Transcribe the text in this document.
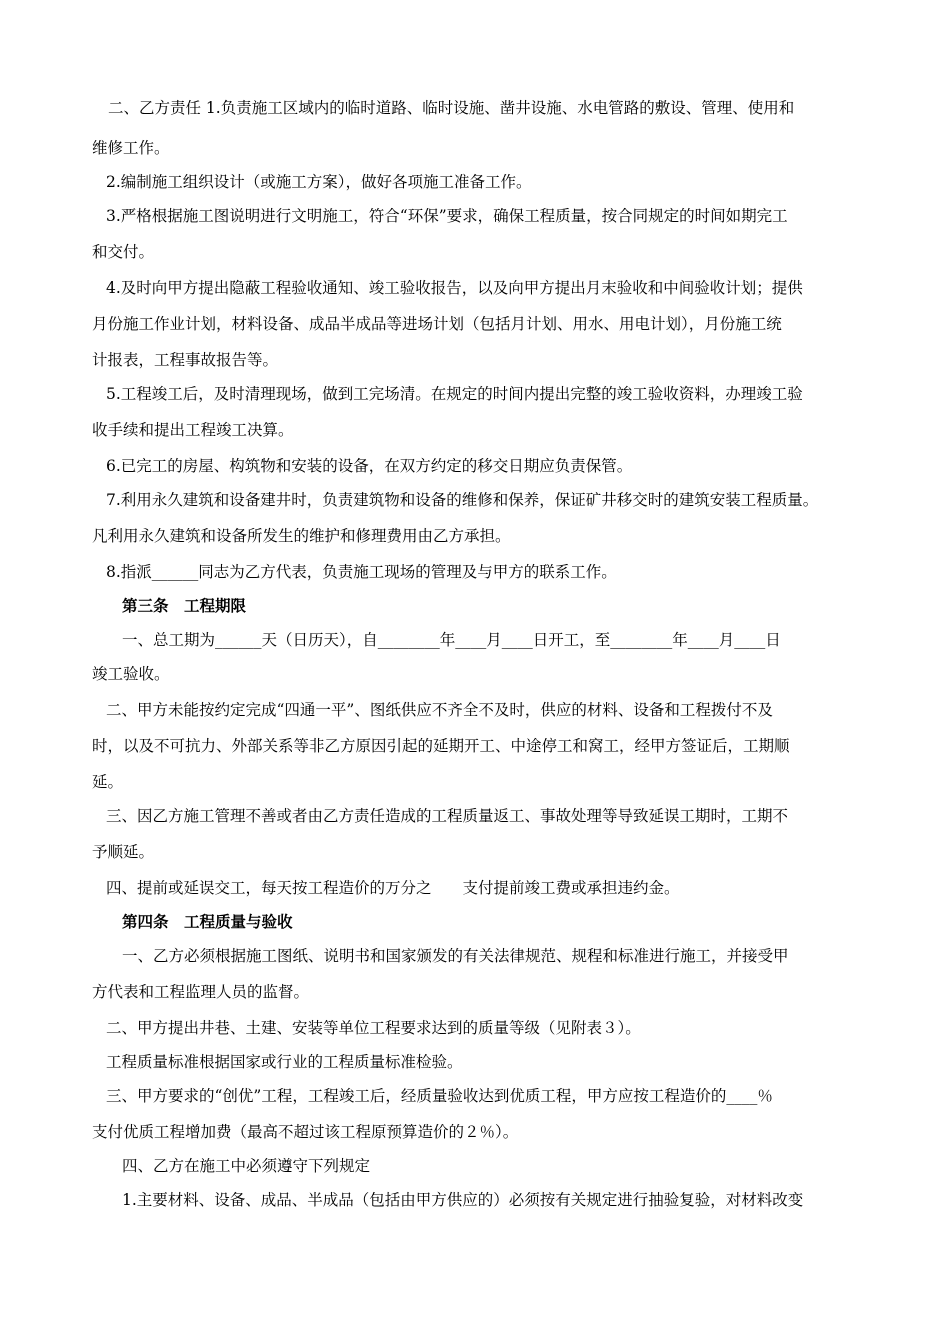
二、乙方责任 1.负责施工区域内的临时道路、临时设施、凿井设施、水电管路的敷设、管理、使用和
维修工作。
2.编制施工组织设计（或施工方案），做好各项施工准备工作。
3.严格根据施工图说明进行文明施工，符合“环保”要求，确保工程质量，按合同规定的时间如期完工
和交付。
4.及时向甲方提出隐蔽工程验收通知、竣工验收报告，以及向甲方提出月末验收和中间验收计划；提供
月份施工作业计划，材料设备、成品半成品等进场计划（包括月计划、用水、用电计划），月份施工统
计报表，工程事故报告等。
5.工程竣工后，及时清理现场，做到工完场清。在规定的时间内提出完整的竣工验收资料，办理竣工验
收手续和提出工程竣工决算。
6.已完工的房屋、构筑物和安装的设备，在双方约定的移交日期应负责保管。
7.利用永久建筑和设备建井时，负责建筑物和设备的维修和保养，保证矿井移交时的建筑安装工程质量。
凡利用永久建筑和设备所发生的维护和修理费用由乙方承担。
8.指派______同志为乙方代表，负责施工现场的管理及与甲方的联系工作。
第三条　工程期限
一、总工期为______天（日历天），自________年____月____日开工，至________年____月____日
竣工验收。
二、甲方未能按约定完成“四通一平”、图纸供应不齐全不及时，供应的材料、设备和工程拨付不及
时，以及不可抗力、外部关系等非乙方原因引起的延期开工、中途停工和窝工，经甲方签证后，工期顺
延。
三、因乙方施工管理不善或者由乙方责任造成的工程质量返工、事故处理等导致延误工期时，工期不
予顺延。
四、提前或延误交工，每天按工程造价的万分之　　支付提前竣工费或承担违约金。
第四条　工程质量与验收
一、乙方必须根据施工图纸、说明书和国家颁发的有关法律规范、规程和标准进行施工，并接受甲
方代表和工程监理人员的监督。
二、甲方提出井巷、土建、安装等单位工程要求达到的质量等级（见附表３）。
工程质量标准根据国家或行业的工程质量标准检验。
三、甲方要求的“创优”工程，工程竣工后，经质量验收达到优质工程，甲方应按工程造价的____％
支付优质工程增加费（最高不超过该工程原预算造价的２％）。
四、乙方在施工中必须遵守下列规定
1.主要材料、设备、成品、半成品（包括由甲方供应的）必须按有关规定进行抽验复验，对材料改变
